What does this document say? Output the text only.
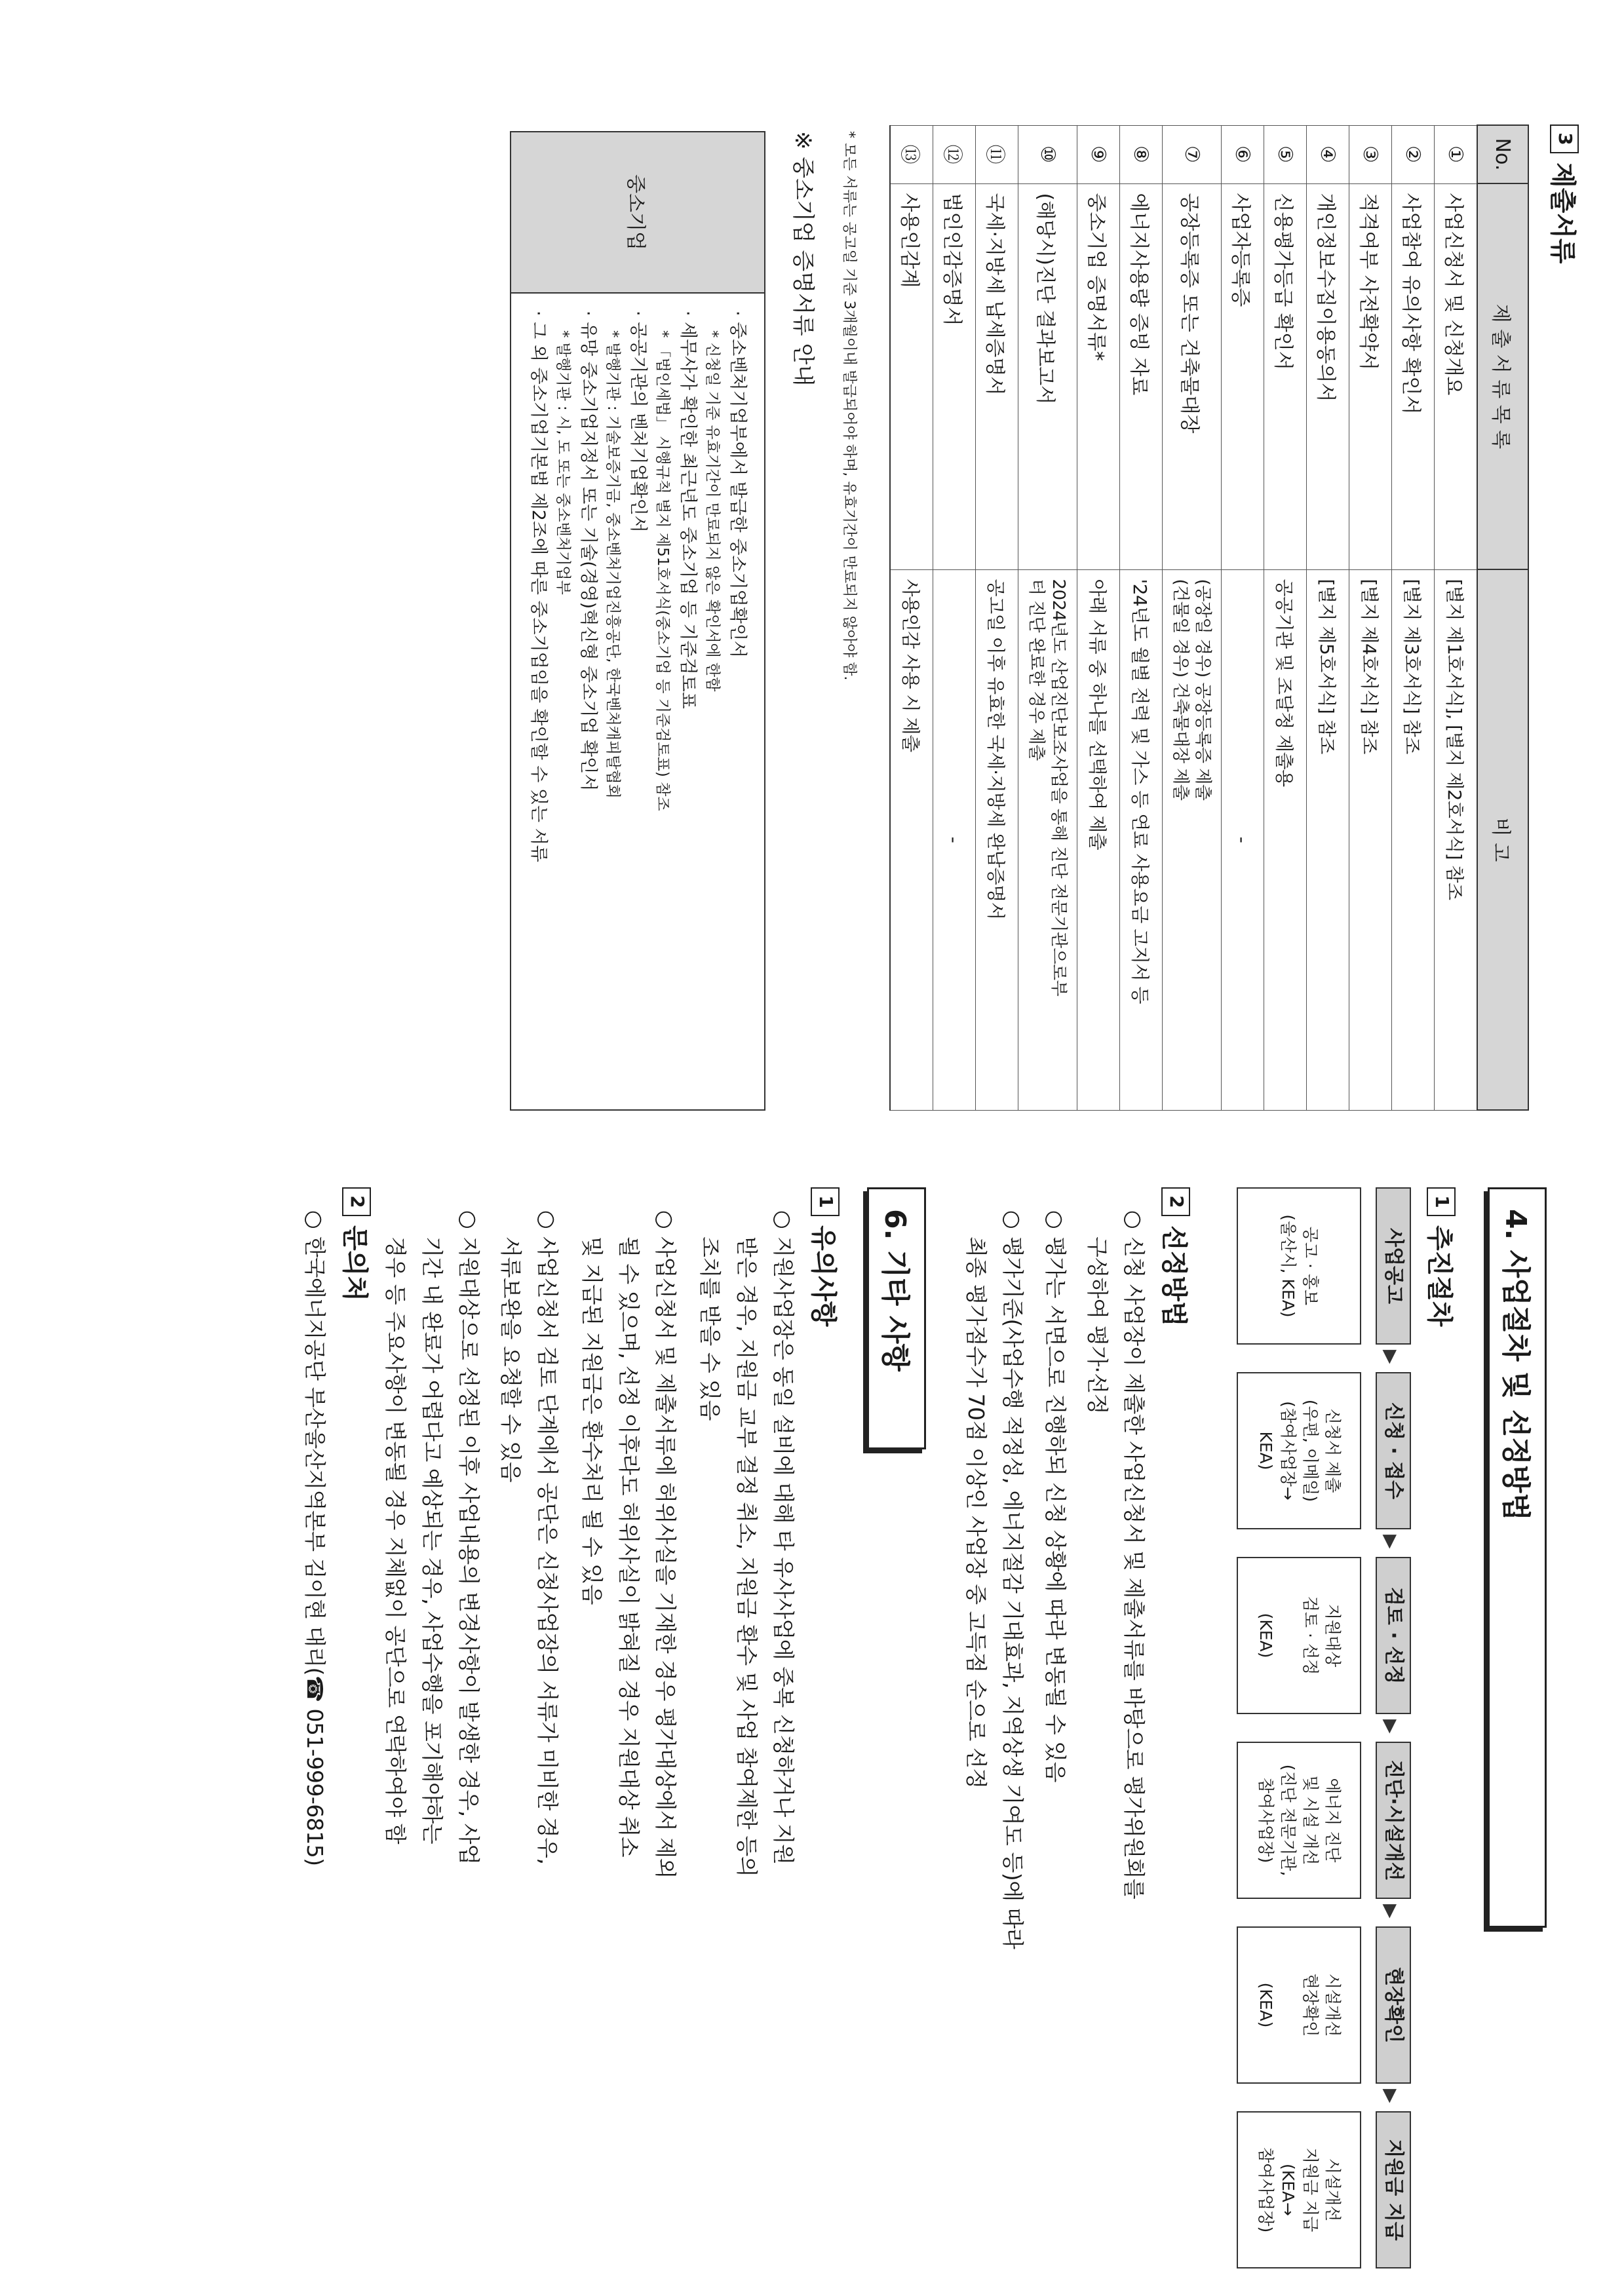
3제출서류
No.	제 출 서 류 목 록	비 고
①	사업신청서 및 신청개요	[별지 제1호서식], [별지 제2호서식] 참조
②	사업참여 유의사항 확인서	[별지 제3호서식] 참조
③	적격여부 사전확약서	[별지 제4호서식] 참조
④	개인정보수집이용동의서	[별지 제5호서식] 참조
⑤	신용평가등급 확인서	공공기관 및 조달청 제출용
⑥	사업자등록증	-
⑦	공장등록증 또는 건축물대장	(공장일 경우) 공장등록증 제출
(건물일 경우) 건축물대장 제출

⑧	에너지사용량 증빙 자료	'24년도 월별 전력 및 가스 등 연료 사용요금 고지서 등
⑨	중소기업 증명서류*	아래 서류 중 하나를 선택하여 제출
⑩	(해당시)진단 결과보고서	2024년도 산업진단보조사업을 통해 진단 전문기관으로부
터 진단 완료한 경우 제출

⑪	국세·지방세 납세증명서	공고일 이후 유효한 국세·지방세 완납증명서
⑫	법인인감증명서	-
⑬	사용인감계	사용인감 사용 시 제출
* 모든 서류는 공고일 기준 3개월이내 발급되어야 하며, 유효기간이 만료되지 않아야 함.
※ 중소기업 증명서류 안내
중소기업	

· 중소벤처기업부에서 발급한 중소기업확인서

* 신청일 기준 유효기간이 만료되지 않은 확인서에 한함

· 세무사가 확인한 최근년도 중소기업 등 기준검토표

* 「법인세법」 시행규칙 별지 제51호서식(중소기업 등 기준검토표) 참조

· 공공기관의 벤처기업확인서

* 발행기관 : 기술보증기금, 중소벤처기업진흥공단, 한국벤처캐피탈협회

· 유망 중소기업지정서 또는 기술(경영)혁신형 중소기업 확인서

* 발행기관 : 시, 도 또는 중소벤처기업부

· 그 외 중소기업기본법 제2조에 따른 중소기업임을 확인할 수 있는 서류

4. 사업절차 및 선정방법
1추진절차
사업공고
공고 · 홍보
(울산시, KEA)
▶
신청 · 접수
신청서 제출
(우편, 이메일)
(참여사업장→
KEA)
▶
검토 · 선정
지원대상
검토 · 선정

(KEA)
▶
진단·시설개선
에너지 진단
및 시설 개선
(진단 전문기관,
참여사업장)
▶
현장확인
시설개선
현장확인

(KEA)
▶
지원금 지급
시설개선
지원금 지급
(KEA→
참여사업장)
2선정방법
○신청 사업장이 제출한 사업신청서 및 제출서류를 바탕으로 평가위원회를
구성하여 평가·선정
○평가는 서면으로 진행하되 신청 상황에 따라 변동될 수 있음
○평가기준(사업수행 적정성, 에너지절감 기대효과, 지역상생 기여도 등)에 따라
최종 평가점수가 70점 이상인 사업장 중 고득점 순으로 선정
6. 기타 사항
1유의사항
○지원사업장은 동일 설비에 대해 타 유사사업에 중복 신청하거나 지원
받은 경우, 지원금 교부 결정 취소, 지원금 환수 및 사업 참여제한 등의
조치를 받을 수 있음
○사업신청서 및 제출서류에 허위사실을 기재한 경우 평가대상에서 제외
될 수 있으며, 선정 이후라도 허위사실이 밝혀질 경우 지원대상 취소
및 지급된 지원금은 환수처리 될 수 있음
○사업신청서 검토 단계에서 공단은 신청사업장의 서류가 미비한 경우,
서류보완을 요청할 수 있음
○지원대상으로 선정된 이후 사업내용의 변경사항이 발생한 경우, 사업
기간 내 완료가 어렵다고 예상되는 경우, 사업수행을 포기해야하는
경우 등 주요사항이 변동될 경우 지체없이 공단으로 연락하여야 함
2문의처
○한국에너지공단 부산울산지역본부 김이현 대리(☎ 051-999-6815)
